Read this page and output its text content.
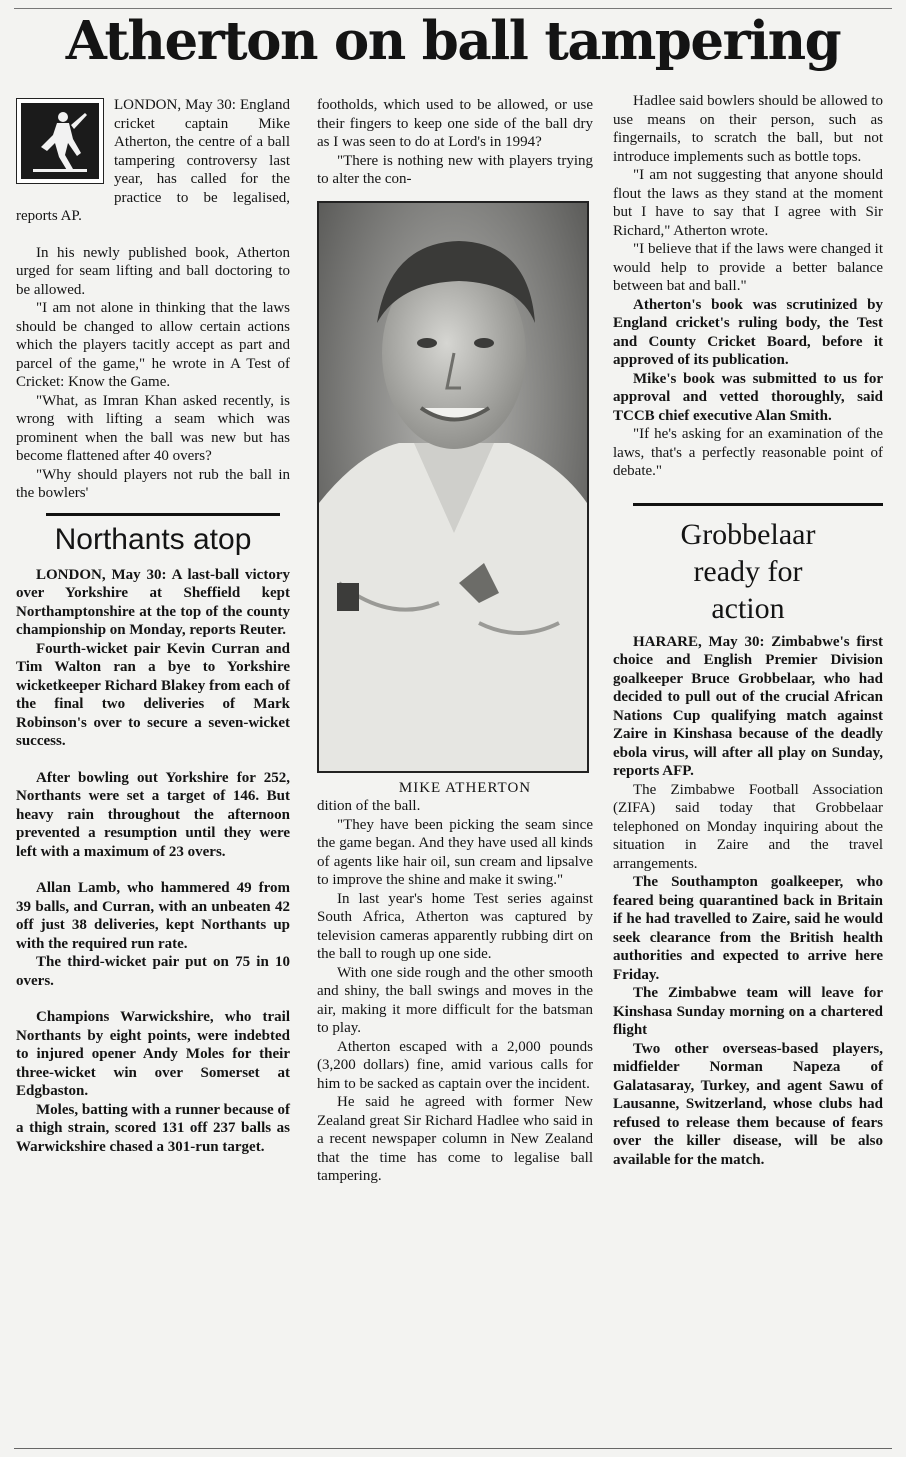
Atherton on ball tampering

LONDON, May 30: England cricket captain Mike Atherton, the centre of a ball tampering controversy last year, has called for the practice to be legalised, reports AP.

In his newly published book, Atherton urged for seam lifting and ball doctoring to be allowed.

"I am not alone in thinking that the laws should be changed to allow certain actions which the players tacitly accept as part and parcel of the game," he wrote in A Test of Cricket: Know the Game.

"What, as Imran Khan asked recently, is wrong with lifting a seam which was prominent when the ball was new but has become flattened after 40 overs?

"Why should players not rub the ball in the bowlers'

Northants atop

LONDON, May 30: A last-ball victory over Yorkshire at Sheffield kept Northamptonshire at the top of the county championship on Monday, reports Reuter.

Fourth-wicket pair Kevin Curran and Tim Walton ran a bye to Yorkshire wicketkeeper Richard Blakey from each of the final two deliveries of Mark Robinson's over to secure a seven-wicket success.

After bowling out Yorkshire for 252, Northants were set a target of 146. But heavy rain throughout the afternoon prevented a resumption until they were left with a maximum of 23 overs.

Allan Lamb, who hammered 49 from 39 balls, and Curran, with an unbeaten 42 off just 38 deliveries, kept Northants up with the required run rate.

The third-wicket pair put on 75 in 10 overs.

Champions Warwickshire, who trail Northants by eight points, were indebted to injured opener Andy Moles for their three-wicket win over Somerset at Edgbaston.

Moles, batting with a runner because of a thigh strain, scored 131 off 237 balls as Warwickshire chased a 301-run target.

footholds, which used to be allowed, or use their fingers to keep one side of the ball dry as I was seen to do at Lord's in 1994?

"There is nothing new with players trying to alter the con-

MIKE ATHERTON

dition of the ball.

"They have been picking the seam since the game began. And they have used all kinds of agents like hair oil, sun cream and lipsalve to improve the shine and make it swing."

In last year's home Test series against South Africa, Atherton was captured by television cameras apparently rubbing dirt on the ball to rough up one side.

With one side rough and the other smooth and shiny, the ball swings and moves in the air, making it more difficult for the batsman to play.

Atherton escaped with a 2,000 pounds (3,200 dollars) fine, amid various calls for him to be sacked as captain over the incident.

He said he agreed with former New Zealand great Sir Richard Hadlee who said in a recent newspaper column in New Zealand that the time has come to legalise ball tampering.

Hadlee said bowlers should be allowed to use means on their person, such as fingernails, to scratch the ball, but not introduce implements such as bottle tops.

"I am not suggesting that anyone should flout the laws as they stand at the moment but I have to say that I agree with Sir Richard," Atherton wrote.

"I believe that if the laws were changed it would help to provide a better balance between bat and ball."

Atherton's book was scrutinized by England cricket's ruling body, the Test and County Cricket Board, before it approved of its publication.

Mike's book was submitted to us for approval and vetted thoroughly, said TCCB chief executive Alan Smith.

"If he's asking for an examination of the laws, that's a perfectly reasonable point of debate."

Grobbelaar
ready for
action

HARARE, May 30: Zimbabwe's first choice and English Premier Division goalkeeper Bruce Grobbelaar, who had decided to pull out of the crucial African Nations Cup qualifying match against Zaire in Kinshasa because of the deadly ebola virus, will after all play on Sunday, reports AFP.

The Zimbabwe Football Association (ZIFA) said today that Grobbelaar telephoned on Monday inquiring about the situation in Zaire and the travel arrangements.

The Southampton goalkeeper, who feared being quarantined back in Britain if he had travelled to Zaire, said he would seek clearance from the British health authorities and expected to arrive here Friday.

The Zimbabwe team will leave for Kinshasa Sunday morning on a chartered flight

Two other overseas-based players, midfielder Norman Napeza of Galatasaray, Turkey, and agent Sawu of Lausanne, Switzerland, whose clubs had refused to release them because of fears over the killer disease, will be also available for the match.
